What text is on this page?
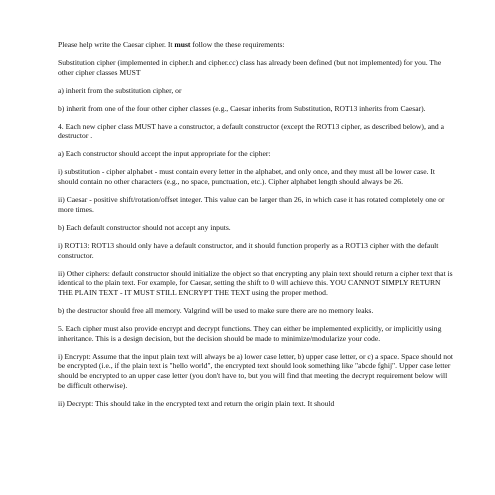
Please help write the Caesar cipher. It must follow the these requirements:

Substitution cipher (implemented in cipher.h and cipher.cc) class has already been defined (but not implemented) for you. The other cipher classes MUST

a) inherit from the substitution cipher, or

b) inherit from one of the four other cipher classes (e.g., Caesar inherits from Substitution, ROT13 inherits from Caesar).

4. Each new cipher class MUST have a constructor, a default constructor (except the ROT13 cipher, as described below), and a destructor .

a) Each constructor should accept the input appropriate for the cipher:

i) substitution - cipher alphabet - must contain every letter in the alphabet, and only once, and they must all be lower case. It should contain no other characters (e.g., no space, punctuation, etc.). Cipher alphabet length should always be 26.

ii) Caesar - positive shift/rotation/offset integer. This value can be larger than 26, in which case it has rotated completely one or more times.

b) Each default constructor should not accept any inputs.

i) ROT13: ROT13 should only have a default constructor, and it should function properly as a ROT13 cipher with the default constructor.

ii) Other ciphers: default constructor should initialize the object so that encrypting any plain text should return a cipher text that is identical to the plain text. For example, for Caesar, setting the shift to 0 will achieve this. YOU CANNOT SIMPLY RETURN THE PLAIN TEXT - IT MUST STILL ENCRYPT THE TEXT using the proper method.

b) the destructor should free all memory. Valgrind will be used to make sure there are no memory leaks.

5. Each cipher must also provide encrypt and decrypt functions. They can either be implemented explicitly, or implicitly using inheritance. This is a design decision, but the decision should be made to minimize/modularize your code.

i) Encrypt: Assume that the input plain text will always be a) lower case letter, b) upper case letter, or c) a space. Space should not be encrypted (i.e., if the plain text is "hello world", the encrypted text should look something like "abcde fghij". Upper case letter should be encrypted to an upper case letter (you don't have to, but you will find that meeting the decrypt requirement below will be difficult otherwise).

ii) Decrypt: This should take in the encrypted text and return the origin plain text. It should
